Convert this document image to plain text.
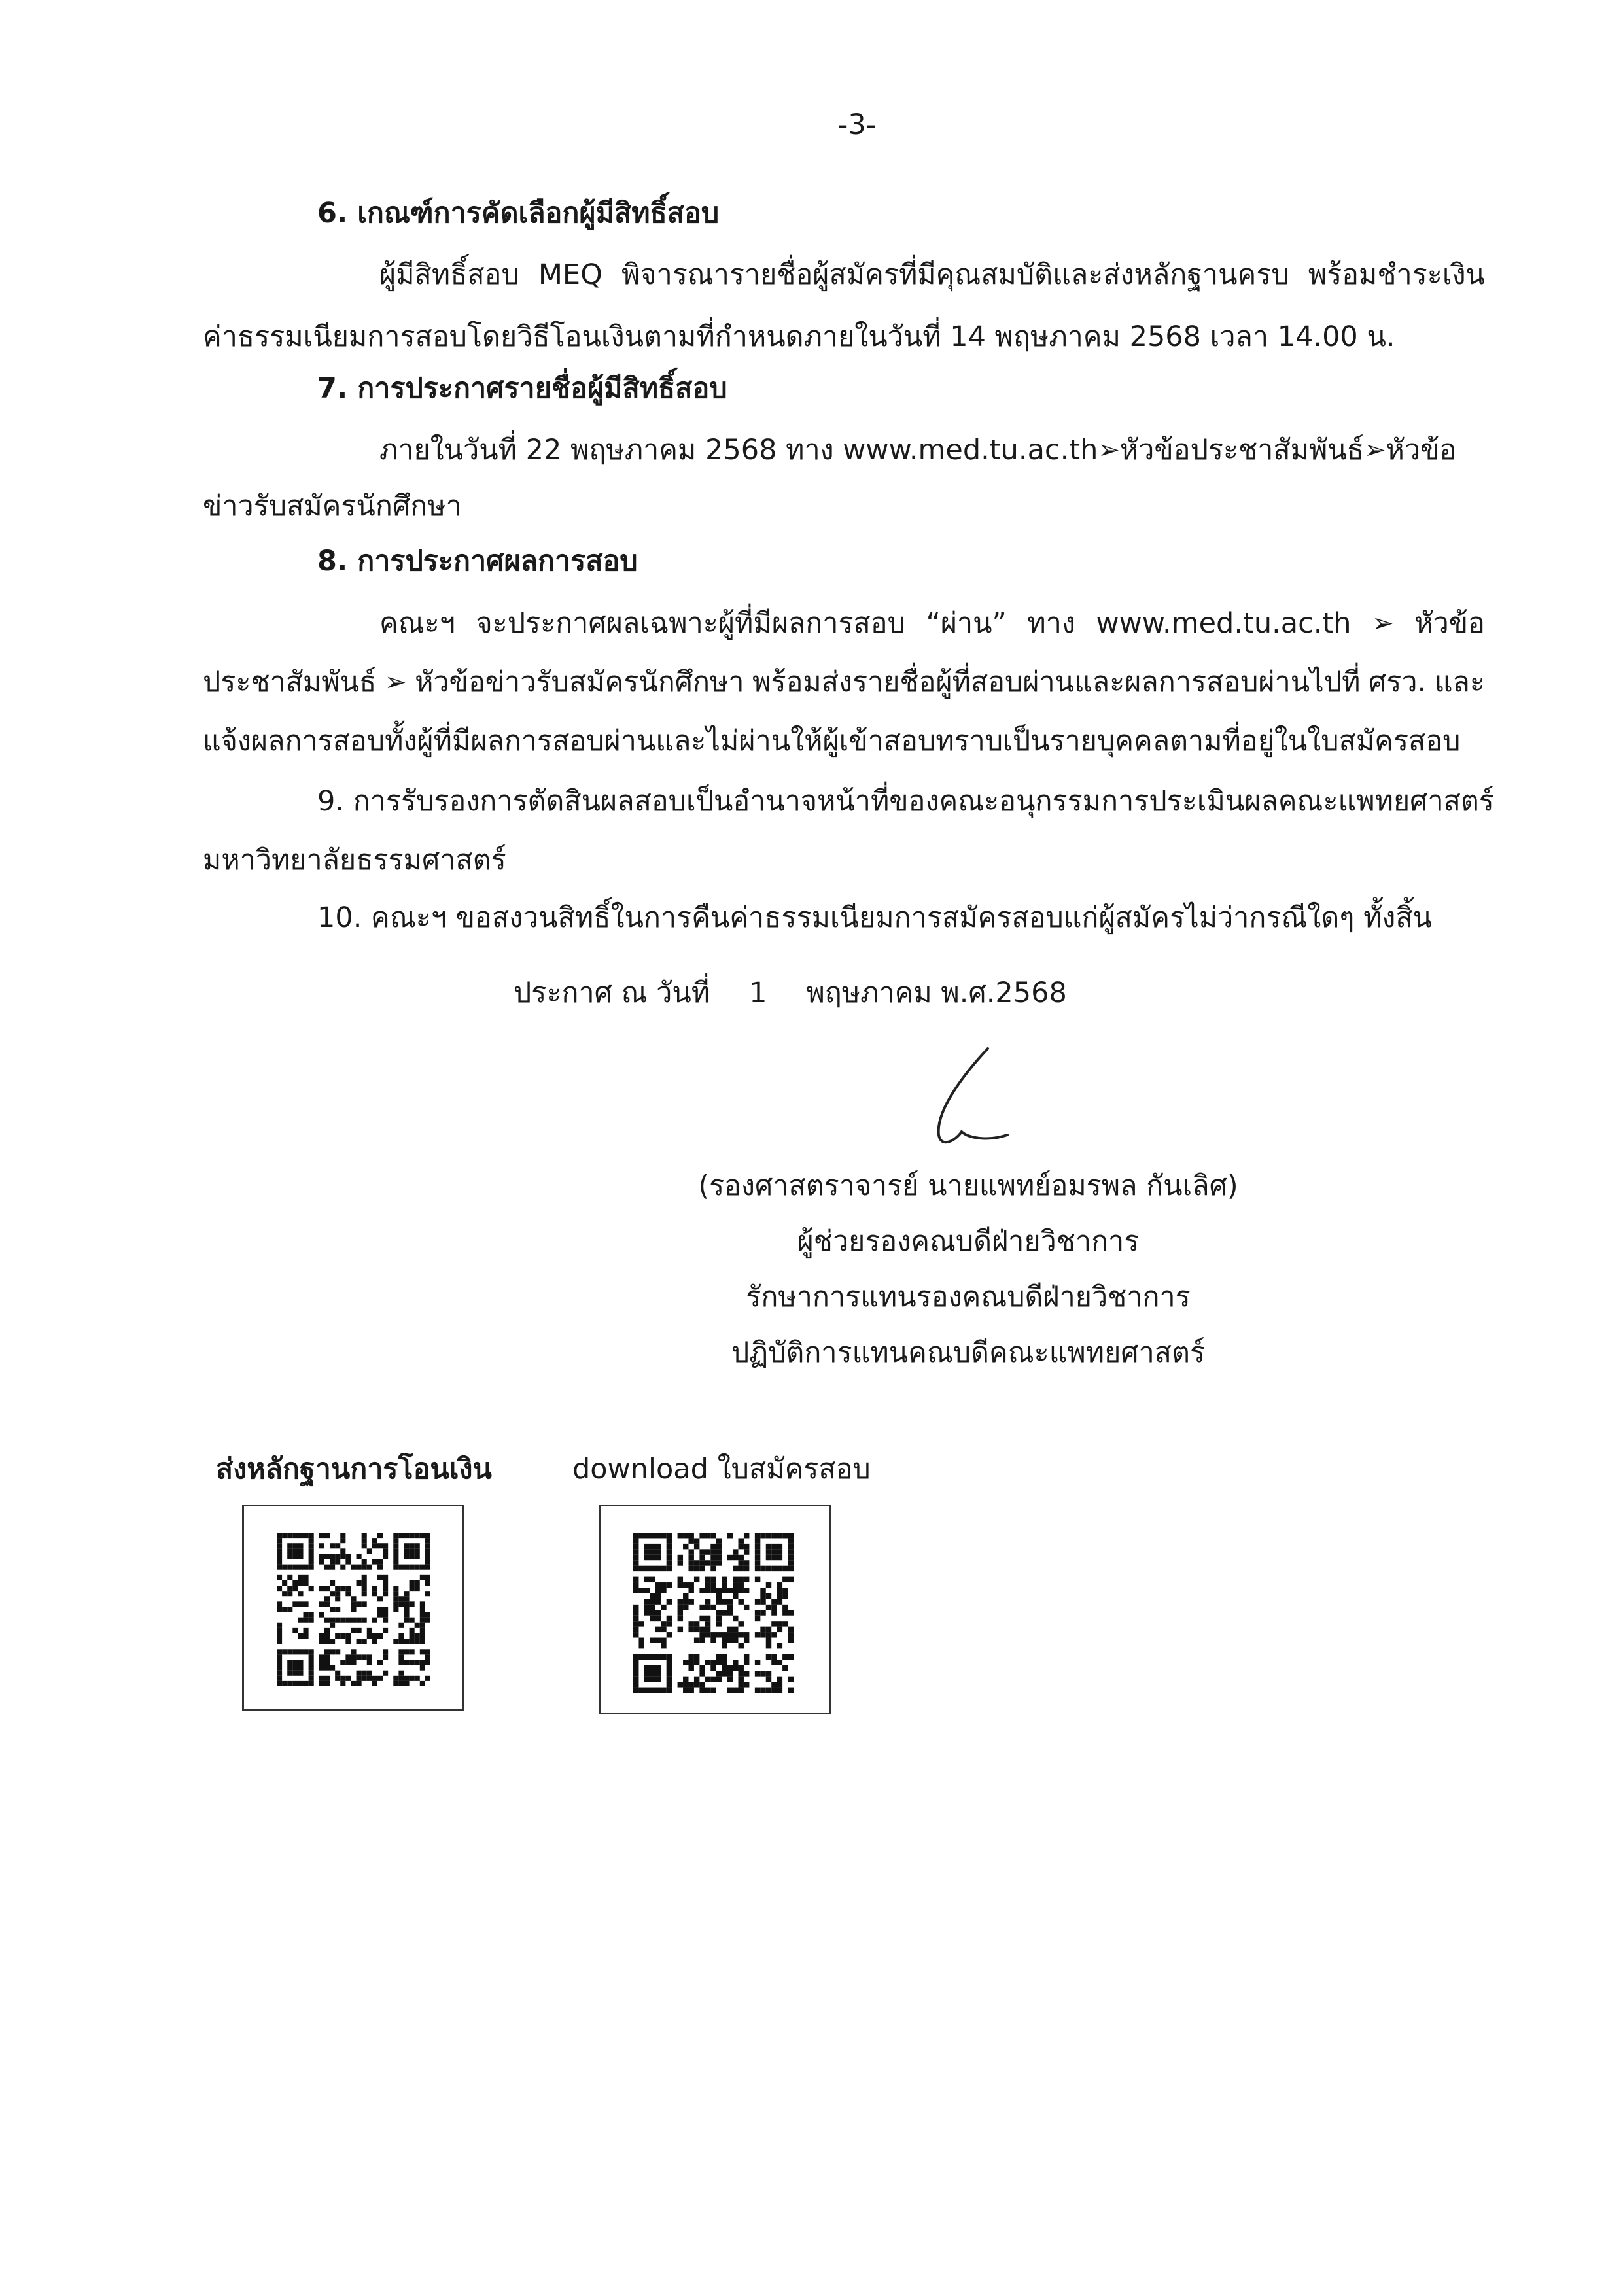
-3-
6. เกณฑ์การคัดเลือกผู้มีสิทธิ์สอบ
ผู้มีสิทธิ์สอบ MEQ พิจารณารายชื่อผู้สมัครที่มีคุณสมบัติและส่งหลักฐานครบ พร้อมชำระเงิน
ค่าธรรมเนียมการสอบโดยวิธีโอนเงินตามที่กำหนดภายในวันที่ 14 พฤษภาคม 2568 เวลา 14.00 น.
7. การประกาศรายชื่อผู้มีสิทธิ์สอบ
ภายในวันที่ 22 พฤษภาคม 2568 ทาง www.med.tu.ac.th ➢ หัวข้อประชาสัมพันธ์ ➢ หัวข้อ
ข่าวรับสมัครนักศึกษา
8. การประกาศผลการสอบ
คณะฯ จะประกาศผลเฉพาะผู้ที่มีผลการสอบ “ผ่าน” ทาง www.med.tu.ac.th ➢ หัวข้อ
ประชาสัมพันธ์ ➢ หัวข้อข่าวรับสมัครนักศึกษา พร้อมส่งรายชื่อผู้ที่สอบผ่านและผลการสอบผ่านไปที่ ศรว. และ
แจ้งผลการสอบทั้งผู้ที่มีผลการสอบผ่านและไม่ผ่านให้ผู้เข้าสอบทราบเป็นรายบุคคลตามที่อยู่ในใบสมัครสอบ
9. การรับรองการตัดสินผลสอบ เป็นอำนาจหน้าที่ของคณะอนุกรรมการประเมินผล คณะแพทยศาสตร์
มหาวิทยาลัยธรรมศาสตร์
10. คณะฯ ขอสงวนสิทธิ์ในการคืนค่าธรรมเนียมการสมัครสอบแก่ผู้สมัครไม่ว่ากรณีใดๆ ทั้งสิ้น
ประกาศ ณ วันที่ 1 พฤษภาคม พ.ศ.2568
(รองศาสตราจารย์ นายแพทย์อมรพล กันเลิศ)
ผู้ช่วยรองคณบดีฝ่ายวิชาการ
รักษาการแทนรองคณบดีฝ่ายวิชาการ
ปฏิบัติการแทนคณบดีคณะแพทยศาสตร์
ส่งหลักฐานการโอนเงิน	download ใบสมัครสอบ
